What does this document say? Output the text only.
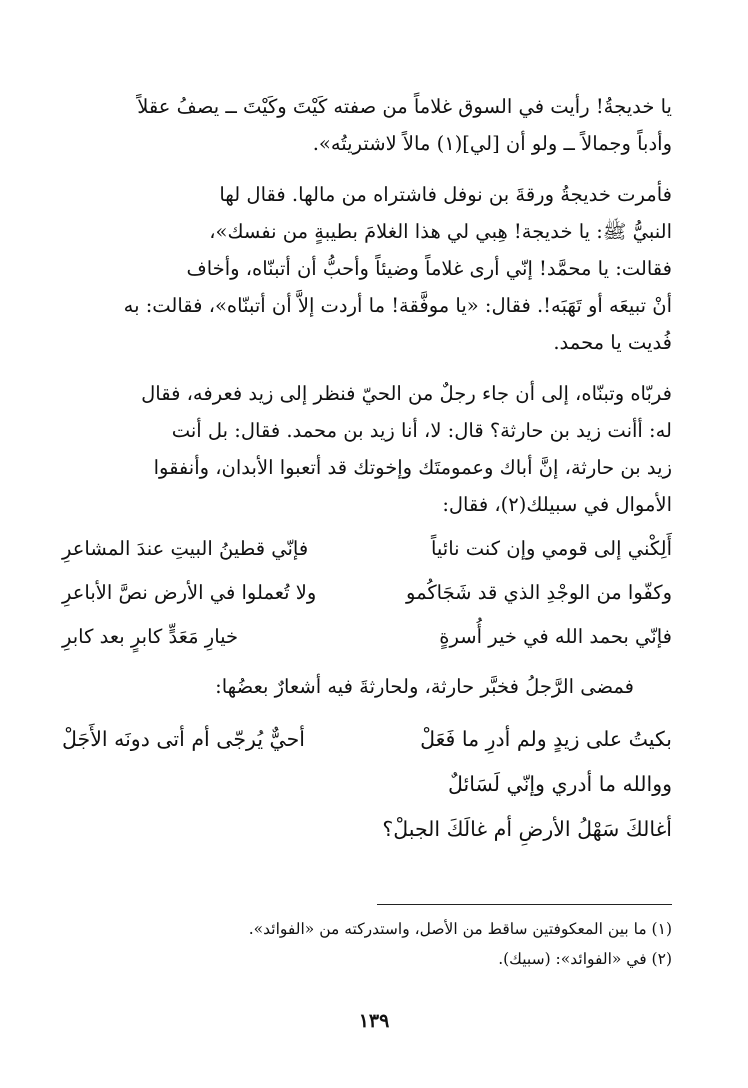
يا خديجةُ! رأيت في السوق غلاماً من صفته كَيْتَ وكَيْتَ ــ يصفُ عقلاً
وأدباً وجمالاً ــ ولو أن [لي](١) مالاً لاشتريتُه».

فأمرت خديجةُ ورقةَ بن نوفل فاشتراه من مالها. فقال لها
النبيُّ ﷺ: يا خديجة! هِبي لي هذا الغلامَ بطيبةٍ من نفسك»،
فقالت: يا محمَّد! إنّي أرى غلاماً وضيئاً وأحبُّ أن أتبنّاه، وأخاف
أنْ تبيعَه أو تَهَبَه!. فقال: «يا موفَّقة! ما أردت إلاَّ أن أتبنّاه»، فقالت: به
فُديت يا محمد.

فربّاه وتبنّاه، إلى أن جاء رجلٌ من الحيّ فنظر إلى زيد فعرفه، فقال
له: أأنت زيد بن حارثة؟ قال: لا، أنا زيد بن محمد. فقال: بل أنت
زيد بن حارثة، إنَّ أباك وعمومتَك وإخوتك قد أتعبوا الأبدان، وأنفقوا
الأموال في سبيلك(٢)، فقال:

أَلِكْني إلى قومي وإن كنت نائياً
فإنّي قطينُ البيتِ عندَ المشاعرِ
وكفّوا من الوجْدِ الذي قد شَجَاكُمو
ولا تُعملوا في الأرض نصَّ الأباعرِ
فإنّي بحمد الله في خير أُسرةٍ
خيارِ مَعَدٍّ كابرٍ بعد كابرِ
فمضى الرَّجلُ فخبَّر حارثة، ولحارثةَ فيه أشعارٌ بعضُها:
بكيتُ على زيدٍ ولم أدرِ ما فَعَلْ
أحيٌّ يُرجّى أم أتى دونَه الأَجَلْ
ووالله ما أدري وإنّي لَسَائلٌ
أغالكَ سَهْلُ الأرضِ أم غالَكَ الجبلْ؟
(١) ما بين المعكوفتين ساقط من الأصل، واستدركته من «الفوائد».
(٢) في «الفوائد»: (سبيك).
١٣٩
